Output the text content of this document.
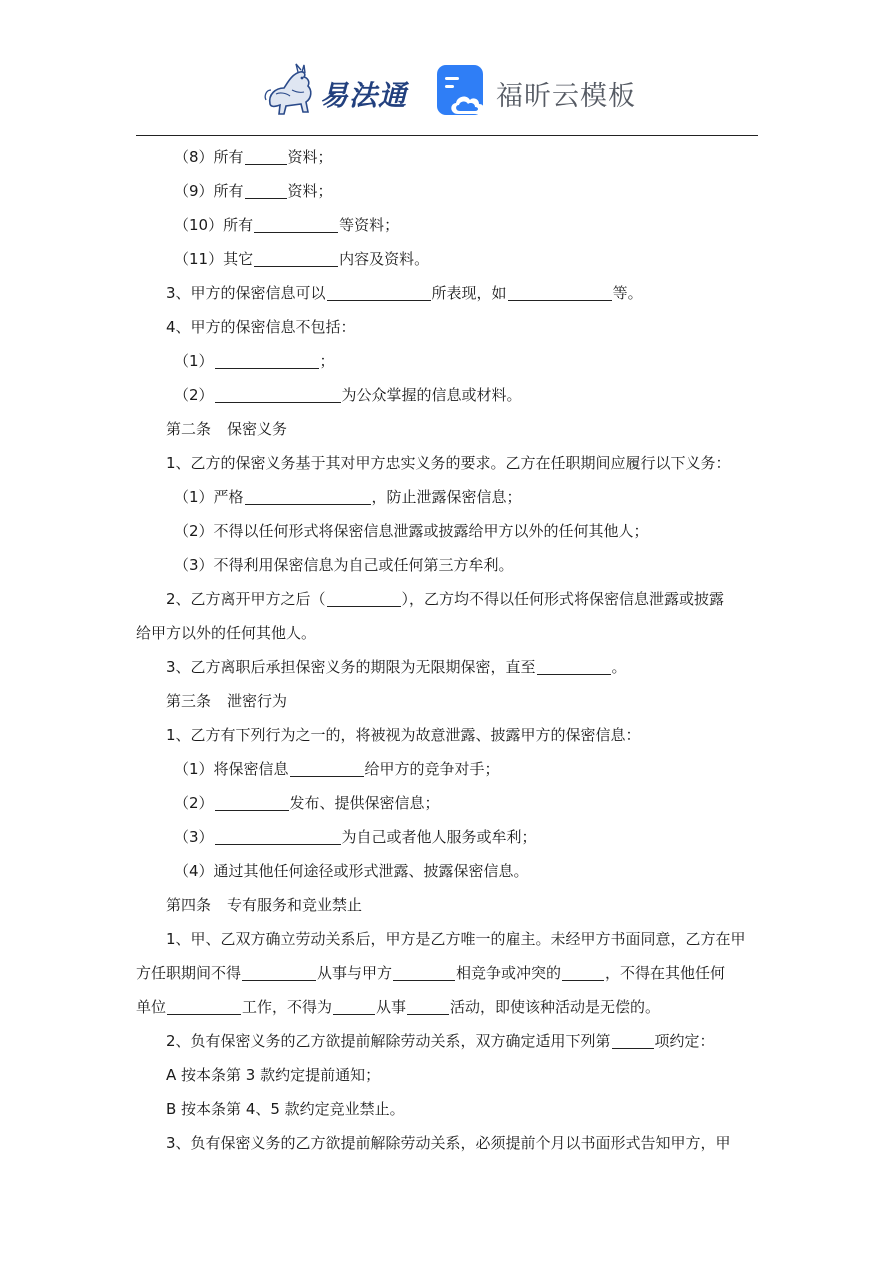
易法通	福昕云模板
（8）所有	资料；
（9）所有	资料；
（10）所有	等资料；
（11）其它	内容及资料。
3、甲方的保密信息可以	所表现，如	等。
4、甲方的保密信息不包括：
（1）	；
（2）	为公众掌握的信息或材料。
第二条 保密义务
1、乙方的保密义务基于其对甲方忠实义务的要求。乙方在任职期间应履行以下义务：
（1）严格	，防止泄露保密信息；
（2）不得以任何形式将保密信息泄露或披露给甲方以外的任何其他人；
（3）不得利用保密信息为自己或任何第三方牟利。
2、乙方离开甲方之后（	），乙方均不得以任何形式将保密信息泄露或披露
给甲方以外的任何其他人。
3、乙方离职后承担保密义务的期限为无限期保密，直至	。
第三条 泄密行为
1、乙方有下列行为之一的，将被视为故意泄露、披露甲方的保密信息：
（1）将保密信息	给甲方的竞争对手；
（2）	发布、提供保密信息；
（3）	为自己或者他人服务或牟利；
（4）通过其他任何途径或形式泄露、披露保密信息。
第四条 专有服务和竞业禁止
1、甲、乙双方确立劳动关系后，甲方是乙方唯一的雇主。未经甲方书面同意，乙方在甲
方任职期间不得	从事与甲方	相竞争或冲突的	，不得在其他任何
单位	工作，不得为	从事	活动，即使该种活动是无偿的。
2、负有保密义务的乙方欲提前解除劳动关系，双方确定适用下列第	项约定：
A 按本条第 3 款约定提前通知；
B 按本条第 4、5 款约定竞业禁止。
3、负有保密义务的乙方欲提前解除劳动关系，必须提前个月以书面形式告知甲方，甲
